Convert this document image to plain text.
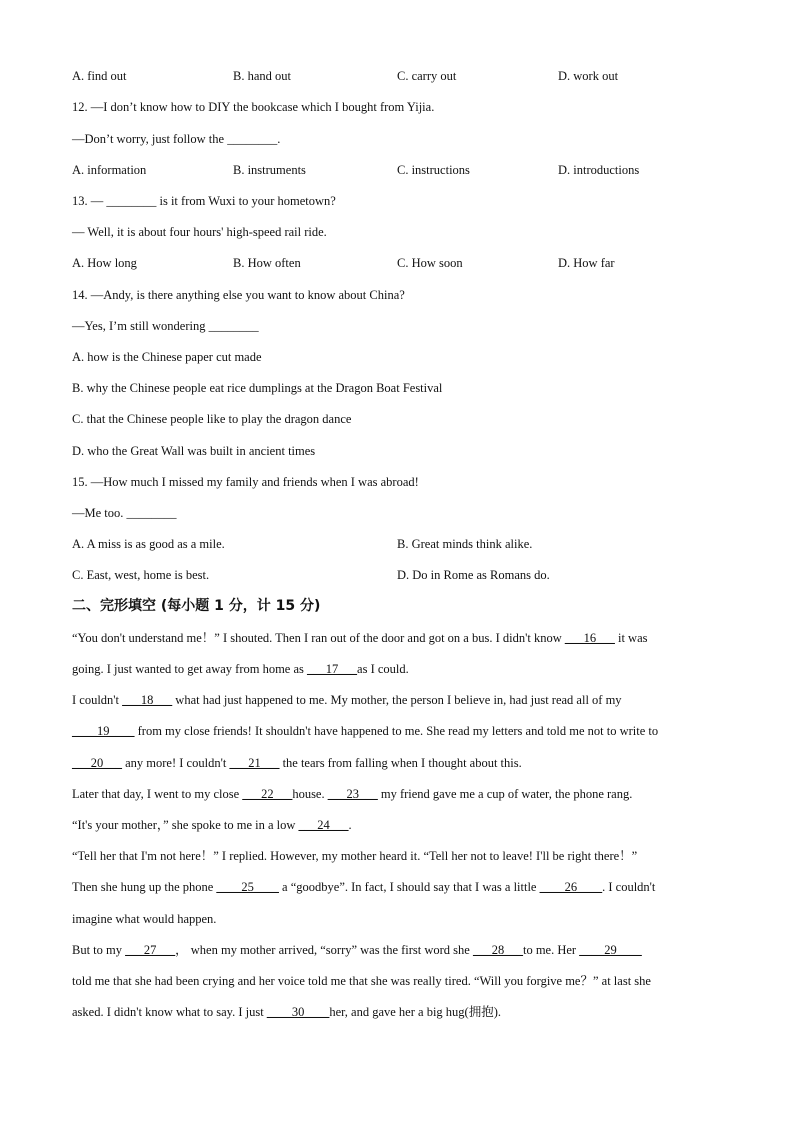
A. find out	B. hand out	C. carry out	D. work out
12. —I don’t know how to DIY the bookcase which I bought from Yijia.
—Don’t worry, just follow the ________.
A. information	B. instruments	C. instructions	D. introductions
13. — ________ is it from Wuxi to your hometown?
— Well, it is about four hours' high-speed rail ride.
A. How long	B. How often	C. How soon	D. How far
14. —Andy, is there anything else you want to know about China?
—Yes, I’m still wondering ________
A. how is the Chinese paper cut made
B. why the Chinese people eat rice dumplings at the Dragon Boat Festival
C. that the Chinese people like to play the dragon dance
D. who the Great Wall was built in ancient times
15. —How much I missed my family and friends when I was abroad!
—Me too. ________
A. A miss is as good as a mile.	B. Great minds think alike.
C. East, west, home is best.	D. Do in Rome as Romans do.
二、完形填空 (每小题 1 分，计 15 分)
“You don't understand me！” I shouted. Then I ran out of the door and got on a bus. I didn't know ___16___ it was
going. I just wanted to get away from home as ___17___as I could.
I couldn't ___18___ what had just happened to me. My mother, the person I believe in, had just read all of my
____19____ from my close friends! It shouldn't have happened to me. She read my letters and told me not to write to
___20___ any more! I couldn't ___21___ the tears from falling when I thought about this.
Later that day, I went to my close ___22___house. ___23___ my friend gave me a cup of water, the phone rang.
“It's your mother，” she spoke to me in a low ___24___.
“Tell her that I'm not here！” I replied. However, my mother heard it. “Tell her not to leave! I'll be right there！”
Then she hung up the phone ____25____ a “goodbye”. In fact, I should say that I was a little ____26____. I couldn't
imagine what would happen.
But to my ___27___， when my mother arrived, “sorry” was the first word she ___28___to me. Her ____29____
told me that she had been crying and her voice told me that she was really tired. “Will you forgive me？” at last she
asked. I didn't know what to say. I just ____30____her, and gave her a big hug(拥抱).
